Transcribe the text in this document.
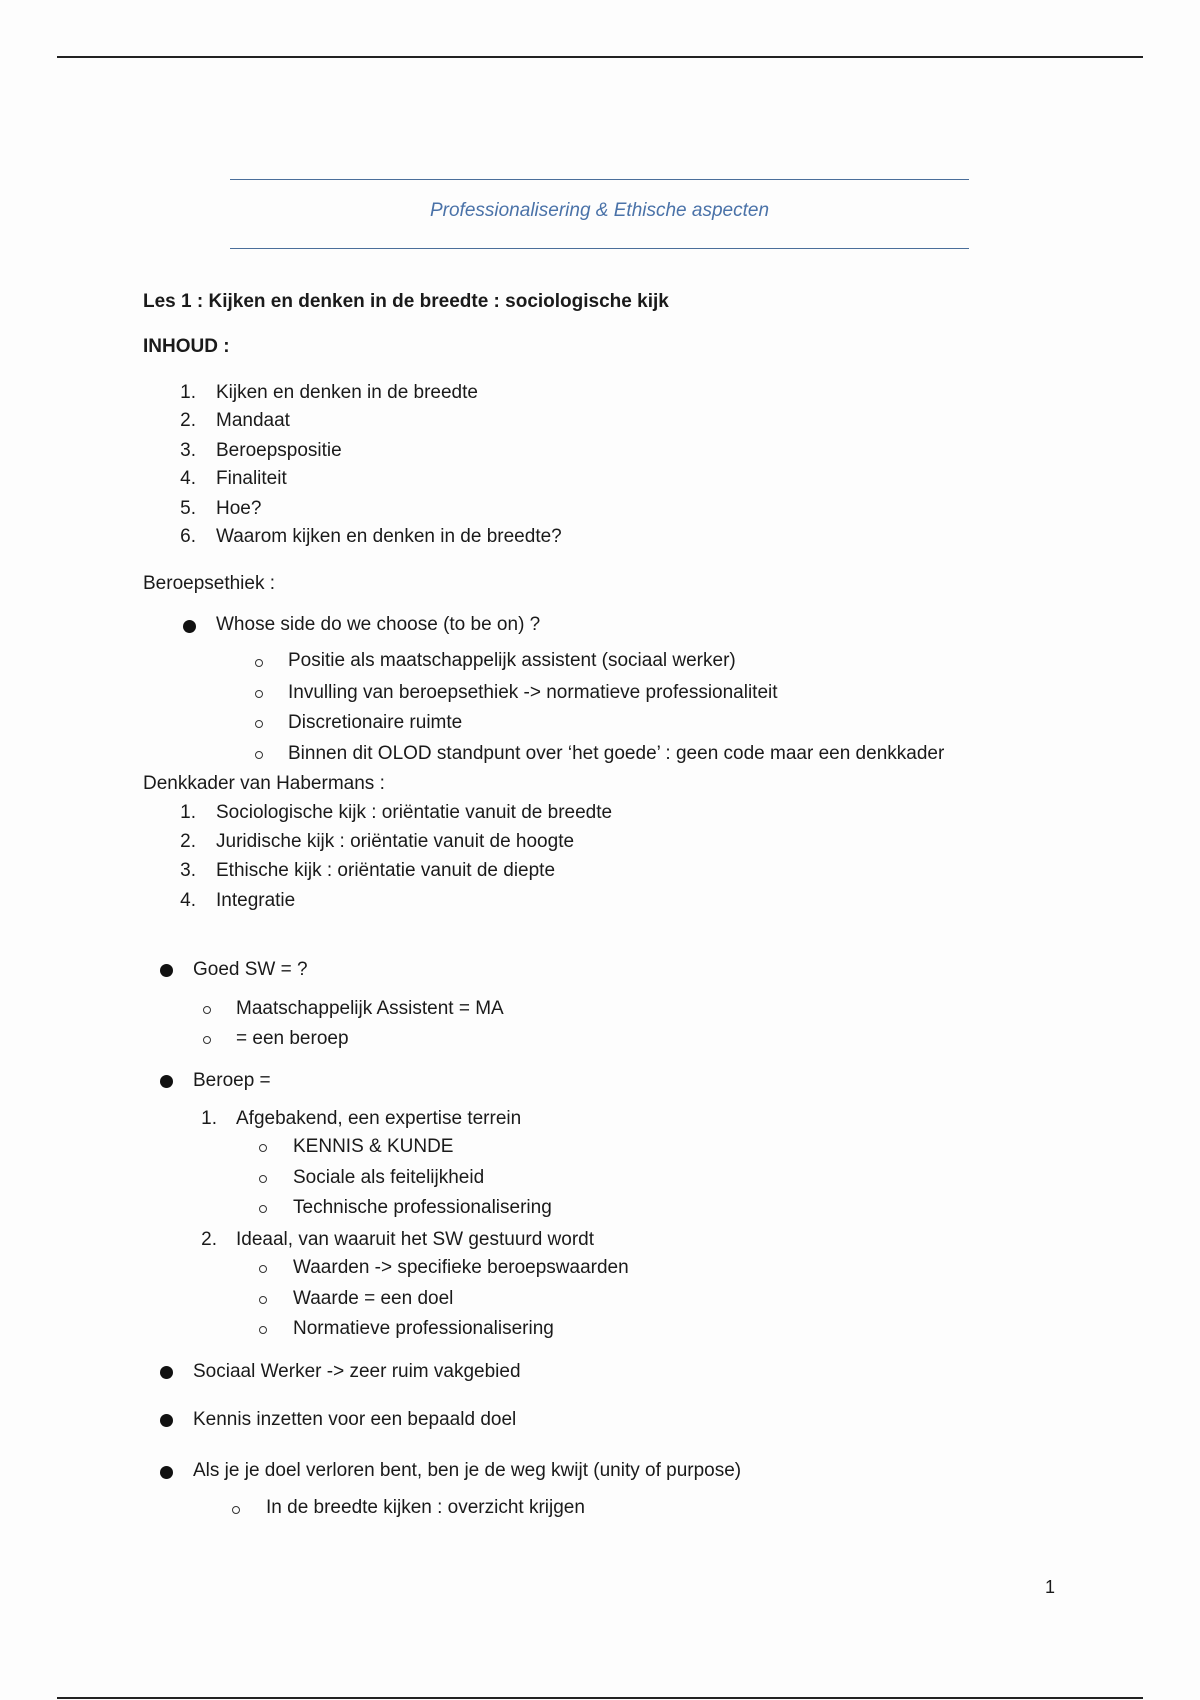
Professionalisering & Ethische aspecten
Les 1 : Kijken en denken in de breedte : sociologische kijk
INHOUD :
1. Kijken en denken in de breedte
2. Mandaat
3. Beroepspositie
4. Finaliteit
5. Hoe?
6. Waarom kijken en denken in de breedte?
Beroepsethiek :
Whose side do we choose (to be on) ?
Positie als maatschappelijk assistent (sociaal werker)
Invulling van beroepsethiek -> normatieve professionaliteit
Discretionaire ruimte
Binnen dit OLOD standpunt over ‘het goede’ : geen code maar een denkkader
Denkkader van Habermans :
1. Sociologische kijk : oriëntatie vanuit de breedte
2. Juridische kijk : oriëntatie vanuit de hoogte
3. Ethische kijk : oriëntatie vanuit de diepte
4. Integratie
Goed SW = ?
Maatschappelijk Assistent = MA
= een beroep
Beroep =
1. Afgebakend, een expertise terrein
KENNIS & KUNDE
Sociale als feitelijkheid
Technische professionalisering
2. Ideaal, van waaruit het SW gestuurd wordt
Waarden -> specifieke beroepswaarden
Waarde = een doel
Normatieve professionalisering
Sociaal Werker -> zeer ruim vakgebied
Kennis inzetten voor een bepaald doel
Als je je doel verloren bent, ben je de weg kwijt (unity of purpose)
In de breedte kijken : overzicht krijgen
1
